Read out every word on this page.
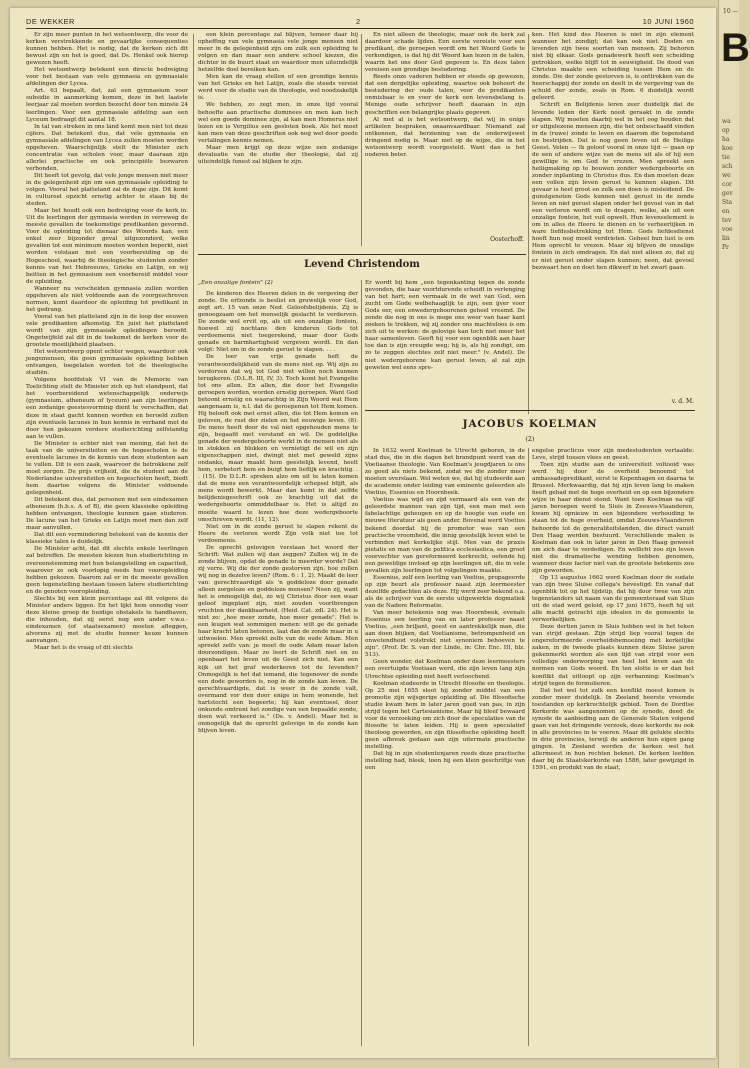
DE WEKKER	2	10 JUNI 1960

Er zijn meer punten in het wetsontwerp, die voor de kerken verstrekkende en gevaarlijke consequenties kunnen hebben. Het is nodig, dat de kerken zich dit bewust zijn en het is goed, dat Ds. Henkel ook hierop gewezen heeft.

Het wetsontwerp betekent een directe bedreiging voor het bestaan van vele gymnasia en gymnasiale afdelingen der Lycea.

Art. 63 bepaalt, dat, zal een gymnasium voor subsidie in aanmerking komen, deze in het laatste leerjaar zal moeten worden bezocht door ten minste 24 leerlingen. Voor een gymnasiale afdeling aan een Lyceum bedraagt dit aantal 18.

In tal van streken in ons land komt men niet tot deze cijfers. Dat betekent dus, dat vele gymnasia en gymnasiale afdelingen van Lycea zullen moeten worden opgeheven. Waarschijnlijk stelt de Minister zich concentratie van scholen voor, maar daaraan zijn allerlei practische en ook principiële bezwaren verbonden.

Dit heeft tot gevolg, dat vele jonge mensen niet meer in de gelegenheid zijn om een gymnasiale opleiding te volgen. Vooral het platteland zal de dupe zijn. Dit komt in cultureel opzicht ernstig achter te staan bij de steden.

Maar het houdt ook een bedreiging voor de kerk in. Uit de leerlingen der gymnasia worden in verreweg de meeste gevallen de toekomstige predikanten gevormd. Voor de opleiding tot dienaar des Woords kan, een enkel zeer bijzonder geval uitgezonderd, welke gevallen tot een minimum moeten worden beperkt, niet worden volstaan met een voorbereiding op de Hogeschool, waarbij de theologische studenten zonder kennis van het Hebreeuws, Grieks en Latijn, en wij beitten in het gymnasium een voorbereid middel voor de opleiding.

Wanneer nu verscheiden gymnasia zullen worden opgeheven als niet voldoende aan de voorgeschreven normen, komt daardoor de opleiding tot predikant in het gedrang.

Vooral van het platteland zijn in de loop der eeuwen vele predikanten afkomstig. En juist het platteland wordt van zijn gymnasiale opleidingen beroofd. Ongetwijfeld zal dit in de toekomst de kerken voor de grootste moeilijkheid plaatsen.

Het wetsontwerp opent echter wegen, waardoor ook jongemensen, die geen gymnasiale opleiding hebben ontvangen, toegelaten worden tot de theologische studiën.

Volgens hoofdstuk VI van de Memorie van Toelichting stelt de Minister zich op het standpunt, dat het voorbereidend wetenschappelijk onderwijs (gymnasium, atheneum of lyceum) aan zijn leerlingen een zodanige geestesvorming dient te verschaffen, dat deze in staat gacht kunnen worden en beroeld zullen zijn eventuele lacunes in hun kennis in verband met de door hen gekozen verdere studierichting zelfstandig aan te vullen.

De Minister is echter niet van mening, dat het de taak van de universiteiten en de hogescholen is de eventuele lacunes in de kennis van deze studenten aan te vullen. Dit is een zaak, waarvoor de betrokkene zelf moet zorgen. De prijs vrijheid, die de student aan de Nederlandse universiteiten en hogescholen heeft, biedt hem daartoe volgens de Minister voldoende gelegenheid.

Dit betekent dus, dat personen met een eindexamen atheneum (h.b.s. A of B), die geen klassieke opleiding hebben ontvangen, theologie kunnen gaan studeren. De lacune van het Grieks en Latijn moet men dan zelf maar aanvullen.

Dat dit een vermindering betekent van de kennis der klassieke talen is duidelijk.

De Minister acht, dat dit slechts enkele leerlingen zal betreffen. De meesten kiezen hun studierichting in overeenstemming met hun belangstelling en capaciteit, waarover ze ook voorlopig reeds hun vooropleiding hebben gekozen. Daarom zal er in de meeste gevallen geen tegenstelling bestaan tussen latere studierichting en de genoten vooropleiding.

Slechts bij een klein percentage zal dit volgens de Minister anders liggen. En het lijkt hem onnodig voor deze kleine groep de huidige obstakels te handhaven, die inhouden, dat zij eerst nog een ander v.w.o.-eindexamen (of staatsexamen) moeten afleggen, alvorens zij met de studie hunner keuze kunnen aanvangen.

Maar het is de vraag of dit slechts

een klein percentage zal blijven, temeer daar bij opheffing van vele gymnasia vele jonge mensen niet meer in de gelegenheid zijn om zulk een opleiding te volgen en dan maar een andere school kiezen, die dichter in de buurt staat en waardoor men uiteindelijk hetzelfde doel bereiken kan.

Men kan de vraag stellen of een grondige kennis van het Grieks en het Latijn, zoals die steeds vereist werd voor de studie van de theologie, wel noodzakelijk is.

We hebben, zo zegt men, in onze tijd vooral behoefte aan practische dominees en men kan toch wel een goede dominee zijn, al kan men Homerus niet lezen en is Vergilius een gesloten boek. Als het moet kan men van deze geschriften ook nog wel door goede vertalingen kennis nemen.

Maar men krijgt op deze wijze een zodanige devaluatie van de studie der theologie, dat zij uiteindelijk funest zal blijken te zijn.

En niet alleen de theologie, maar ook de kerk zal daardoor schade lijden. Een eerste vereiste voor een predikant, die geroepen wordt om het Woord Gods te verkondigen, is dat hij dit Woord kan lezen in de talen, waarin het ons door God gegeven is. En deze talen vereisen een grondige bestudering.

Reeds onze vaderen hebben er steeds op gewezen, dat een dergelijke opleiding, waartoe ook behoort de bestudering der oude talen, voor de predikanten onmisbaar is en voor de kerk een levensbelang is. Menige oude schrijver heeft daaraan in zijn geschriften een belangrijke plaats gegeven.

Al met al is het wetsontwerp, dat wij in enige artikelen bespraken, onaanvaardbaar. Niemand zal ontkennen, dat herziening van de onderwijswet dringend nodig is. Maar niet op de wijze, die in het wetsontwerp wordt voorgesteld. Want dan is het ouderen beter.

Oosterhoff.

ken. Het kind des Heeren is niet in zijn element wanneer het zondigt; dat kan ook niet. Doden en levenden zijn twee soorten van mensen. Zij behoren niet bij elkaar. Gods genadewerk heeft een scheiding getrokken, welke blijft tot in eeuwigheid. De dood van Christus maakte een scheiding tussen Hem en de zonde. Die der zonde gestorven is, is onttrokken van de heerschappij der zonde en deelt in de vergeving van de schuld der zonde, zoals in Rom. 6 duidelijk wordt geleerd.

Schrift en Belijdenis leren zeer duidelijk dat de levende leden der Kerk nooit geraakt in de zonde slapen. Wij moeten daarbij wel in het oog houden dat er uitgelezene mensen zijn, die het onbeschaafd vinden in de (ruwe) zonde te leven en daarom die tegenstand en bestrijden. Dat is nog geen leven uit de Heilige Geest. Velen — Ik geloof vooral in onze tijd — gaan op de een of andere wijze van de mens uit als of hij een gewillige is om God te vrezen. Men spreekt een heiligmaking op te bouwen zonder wedergeboorte en zonder inplanting in Christus dus. En dan moeten deze een vollen zijn leven gerust te kunnen slapen. Dit gevaar is heel groot en zulk een doen is misleidend. De gunstgenoten Gods kunnen niet gerust in de zonde leven en niet gerust slapen onder het gevoel van in dat een verloren wordt om te dragen, welke, als uit een onzalige fontein, het vuil opwelt. Hun levenselement is om in alles de Heere te dienen en te verheerlijken in ware liefdesbetrekking tot Hem. Gods liefdesdienst hoeft hun nog moeit verdrieten. Geheel hun lust is om Hem oprecht te vrezen. Maar zij blijven de onzalige fontein in zich omdragen. En dat niet alleen zo, dat zij er niet gerust onder slapen kunnen; neen, dat gevoel bezwaart hen en doet hen dikwerf in het zwart gaan.

v. d. M.
Levend Christendom

„Een onzalige fontein" (2)

De kinderen des Heeren delen in de vergeving der zonde. De erfzonde is beslist en gruwelijk voor God, zegt art. 15 van onze Ned. Geloofsbelijdenis. Zij is genoegzaam om het menselijk geslacht te verderven. De zonde wel ervit op, als uit een onzalige fontein, hoewel zij nochtans den kinderen Gods tot verdoemenis niet toegerekend, maar door Gods genade en barmhartigheid vergeven wordt. En dan volgt: Niet om in de zonde gerust te slapen. . . .

De leer van vrije genade heft de verantwoordelijkheid van de mens niet op. Wij zijn zo verdorven dat wij tot God niet willen noch kunnen terugkeren. (D.L.R. III, IV, 3). Toch komt het Evangelie tot ons allen. En allen, die door het Evangelie geroepen worden, worden ernstig geroepen. Want God betoont ernstig en waarachtig in Zijn Woord wat Hem aangenaam is, n.l. dat de geroepenen tot Hem komen. Hij belooft ook met ernst allen, die tot Hem komen en geloven, de rust der zielen en het eeuwige leven. (8). De mens heeft door de val niet opgehouden mens te zijn, begaafd met verstand en wil. De goddelijke genade der wedergeboorte werkt in de mensen niet als in stokken en blokken en vernietigt de wil en zijn eigenschappen niet, dwingt niet met geweld zijns ondanks, maar maakt hem geestelijk levend, heelt hem, verbetert hem en buigt hem lieflijk en krachtig. . . (15). De D.L.R. spreken alzo om uit te laten komen dat de mens een verantwoordelijk schepsel blijft, als mens wordt bewerkt. Maar dan komt in dat zelfde belijdenisgeschrift ook zo krachtig uit dat de wedergeboorte ommiddelbaar is. Het is altijd zo moeite waard te lezen hoe deze wedergeboorte omschreven wordt. (11, 12).

Niet om in de zonde gerust te slapen rekent de Heere de verloren wordt Zijn volk niet toe tot verdoemenis.

De oprecht gelovigen verstaan het woord der Schrift: Wat zullen wij dan zeggen? Zullen wij in de zonde blijven, opdat de genade te meerder worde? Dat zij verre. Wij die der zonde gestorven zijn, hoe zullen wij nog in dezelve leven? (Rom. 6 : 1, 2). Maakt de leer van: gerechtvaardigd als 'n goddeloze door genade alleen zorgeloze en goddeloze mensen? Neen zij, want het is onmogelijk dat, zo wij Christus door een waar geloof ingeplant zijn, niet zouden voortbrengen vruchten der dankbaarheid. (Heid. Cat. zdl. 24). Het is niet zo: „hoe meer zonde, hoe meer genade". Het is een leugen wat sommigen menen: wilt ge de genade haar kracht laten betonen, laat dan de zonde maar in u uitwoelen. Men spreekt zelfs van de oude Adam. Men spreekt zelfs van: je moet de oude Adam maar laten doorzondigen. Maar zo leert de Schrift niet en zo openbaart het leven uit de Geest zich niet. Kan een kijk uit het graf wederkeren tot de levenden? Onmogelijk is het dat iemand, die tegenover de zonde een dode geworden is, nog in de zonde kan leven. De gerechtvaardigde, dat is weer in de zonde valt, overmand vor den door enige in hem wonende, het hartstocht een begeerte; hij kan eventueel, door onkunde omtrent het zondige van een bepaalde zonde, doen wat verkeerd is." (Ds. v. Andel). Maar het is onmogelijk dat de oprecht gelovige in de zonde kan blijven leven.

Er wordt bij hem „een tegenkanting tegen de zonde gevonden, die haar voortdurende scheidt in verlenging van het hart; een vermaak in de wet van God, een zucht om Gode welbehaaglijk te zijn, een ijver voor Gods eer, een onwedergeboorenen geheel vreemd. De zonde die nog in ons is moge ons weer van haar kant zoeken te trekken, wij zij zonder ons machteloos is om zich uit te werken: de gelovige kan toch niet meer het haar samenleven. Geeft hij voor een ogenblik aan haar toe dan is zijn vreugde weg; hij is, als hij zondigt, om zo te zeggen slechtes zelf niet meer." (v. Andel). De niet wedergeborene kan gerust leven, al zal zijn geweten wel eens spre-

JACOBUS KOELMAN
(2)

In 1632 werd Koelman te Utrecht geboren, in de stad dus, die in die dagen het brandpunt werd van de Voetiaanse theologie. Van Koelman's jeugdjaren is ons zo goed als niets bekend, zodat we die zonder meer moeten overslaan. Wel weten we, dat hij studeerde aan de academie onder leiding van eminente geleerden als Voetius, Essenius en Hoornbeek.

Voetius was wijd en zijd vermaard als een van de geleerdste mannen van zijn tijd, een man met een fabelachtige geheugen en op de hoogte van oude en nieuwe literatuur als geen ander. Bovenal werd Voetius bekend doordat hij de promotor was van een practische vroomheid, die innig geestelijk leven wist te verbinden met kerkelijke stijl. Men van de praxis pietatis en man van de politica ecclesiastica, een groot voorvechter van gereformeerd kerkrecht, oefende hij een geweldige invloed op zijn leerlingen uit, die in vele gevallen zijn leerlingen tot volgelingen maakte.

Essenius, zelf een leerling van Voetius, propageerde op zijn beurt als professor naast zijn leermeester dezelfde gedachten als deze. Hij werd zeer bekend o.a. als de schrijver van de eerste uitgewerkte dogmatiek van de Nadere Reformatie.

Van meer betekenis nog was Hoornbeek, evenals Essenius een leerling van en later professor naast Voetius, „een briljant, geest en aantrekkelijk man, die aan doen blijken, dat Voetianisme, betrompenheid en onwetendheid volstrekt niet synoniem behoeven te zijn". (Prof. Dr. S. van der Linde, in: Chr. Enc. III, blz. 513).

Geen wonder, dat Koelman onder deze leermeesters een overtuigde Voetiaan werd, die zijn leven lang zijn Utrechtse opleiding niet heeft verloochend.

Koelman studeerde in Utrecht filosofie en theologie. Op 25 mei 1655 sloot hij zonder middel van een promotie zijn wijsgerige opleiding af. Die filosofische studie kwam hem in later jaren goed van pas, in zijn strijd tegen het Cartesianisme. Maar hij bleef bewaard voor de verzoeking om zich door de speculaties van de filosofie te laten leiden. Hij is geen speculatief theoloog geworden, en zijn filosofische opleiding heeft geen afbreuk gedaan aan zijn uitermate practische instelling.

Dat hij in zijn studentenjaren reeds deze practische instelling had, bleek, toen hij een klein geschriftje van een

engelse practicus voor zijn medestudenten vertaalde: Leve, strijd tussen vlees en geest.

Toen zijn studie aan de universiteit voltooid was werd hij door de overheid benoemd tot ambassadepredikant, eerst te Kopenhagen en daarna te Brussel. Merkwaardig, dat hij zijn leven lang te maken heeft gehad met de hoge overheid en op een bijzondere wijze in haar dienst stond. Want toen Koelman na vijf jaren beroepen werd te Sluis in Zeeuws-Vlaanderen, kwam hij opnieuw in een bijzondere verhouding te staan tot de hoge overheid, omdat Zeeuws-Vlaanderen behoorde tot de generaliteitslanden, die direct vanuit Den Haag werden bestuurd. Verschillende malen is Koelman dan ook in later jaren in Den Haag geweest om zich daar te verdedigen. En wellicht zou zijn leven niet die dramatische wending hebben genomen, wanneer deze factor niet van de grootste betekenis zou zijn geworden.

Op 13 augustus 1662 werd Koelman door de sudate van zijn twee Sluise collega's bevestigd. En vanaf dat ogenblik tot op het tijdstip, dat hij door twee van zijn tegenstanders uit naam van de gemeenteraad van Sluis uit de stad werd geleid, op 17 juni 1675, heeft hij uit alle macht getracht zijn idealen in de gemeente te verwerkelijken.

Deze dertien jaren in Sluis hebben wel in het teken van strijd gestaan. Zijn strijd liep vooral tegen de ongereformeerde overheidsbemoeiing met kerkelijke zaken, in de tweede plaats kunnen deze Sluise jaren gekenmerkt worden als een tijd van strijd voor een volledige onderworping van heel het leven aan de normen van Gods woord. En ten slotte is er dan het konflikt dat uitloopt op zijn verbanning: Koelman's strijd tegen de formulieren.

Dat het wel tot zulk een konflikt moest komen is zonder meer duidelijk. In Zeeland heerste vreemde toestanden op kerkrechtelijk gebied. Toen de Dordtse Kerkorde was aangenomen op de synode, deed de synode de aanbieding aan de Generale Staten volgend gaan van het dringende verzoek, deze kerkorde nu ook in alle provincies in te voeren. Maar dit gelukte slechts in drie provincies, terwijl de anderen hun eigen gang gingen. In Zeeland werden de kerken wel het allermeest in hun rechten beknot. De kerken leefden daar bij de Staatskerkorde van 1586, later gewijzigd in 1591, en produkt van de staat,

10 —
B
wa
op
ha
koe
tie
sch
we
cor
gev
Sta
en
tev
voe
lin
Pr
